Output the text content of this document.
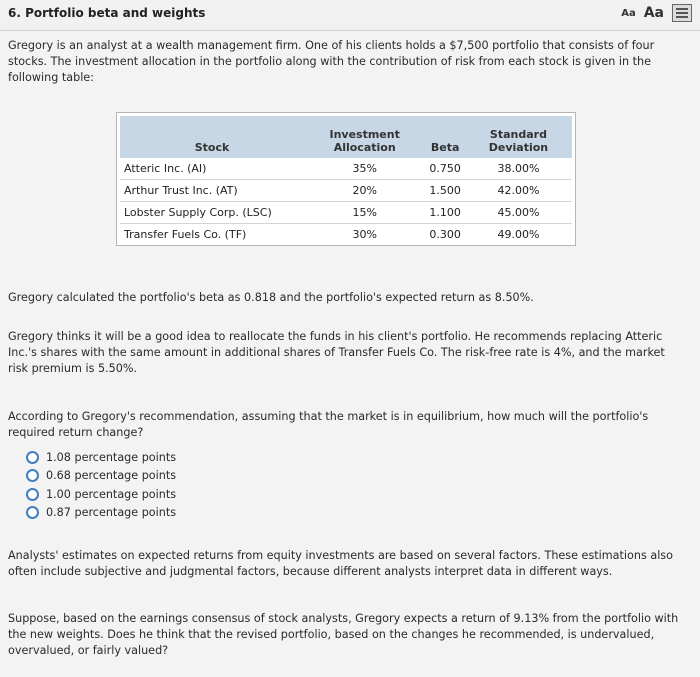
6. Portfolio beta and weights	Aa Aa
Gregory is an analyst at a wealth management firm. One of his clients holds a $7,500 portfolio that consists of four stocks. The investment allocation in the portfolio along with the contribution of risk from each stock is given in the following table:
Stock	Investment Allocation	Beta	Standard Deviation
Atteric Inc. (AI)	35%	0.750	38.00%
Arthur Trust Inc. (AT)	20%	1.500	42.00%
Lobster Supply Corp. (LSC)	15%	1.100	45.00%
Transfer Fuels Co. (TF)	30%	0.300	49.00%
Gregory calculated the portfolio's beta as 0.818 and the portfolio's expected return as 8.50%.
Gregory thinks it will be a good idea to reallocate the funds in his client's portfolio. He recommends replacing Atteric Inc.'s shares with the same amount in additional shares of Transfer Fuels Co. The risk-free rate is 4%, and the market risk premium is 5.50%.
According to Gregory's recommendation, assuming that the market is in equilibrium, how much will the portfolio's required return change?
1.08 percentage points
0.68 percentage points
1.00 percentage points
0.87 percentage points
Analysts' estimates on expected returns from equity investments are based on several factors. These estimations also often include subjective and judgmental factors, because different analysts interpret data in different ways.
Suppose, based on the earnings consensus of stock analysts, Gregory expects a return of 9.13% from the portfolio with the new weights. Does he think that the revised portfolio, based on the changes he recommended, is undervalued, overvalued, or fairly valued?
